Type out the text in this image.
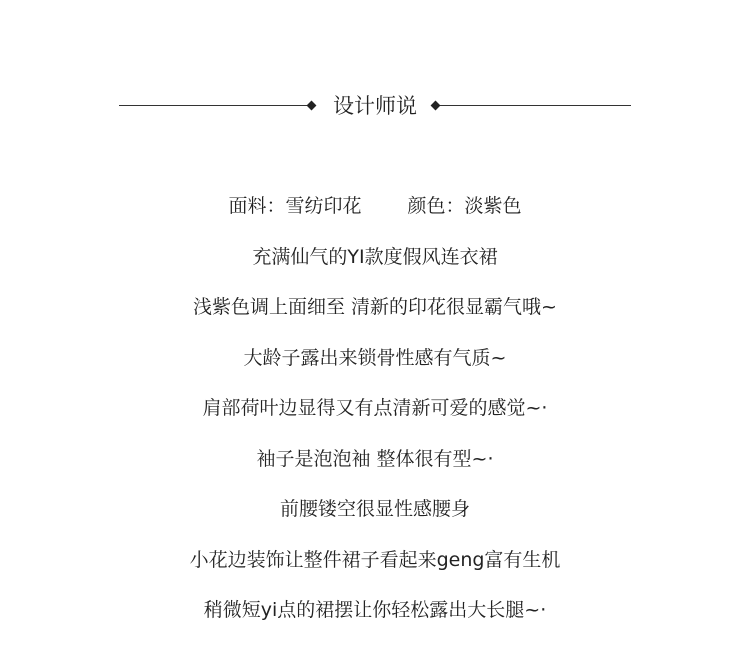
设计师说
面料：雪纺印花 颜色：淡紫色
充满仙气的YI款度假风连衣裙
浅紫色调上面细至 清新的印花很显霸气哦~
大龄子露出来锁骨性感有气质~
肩部荷叶边显得又有点清新可爱的感觉~·
袖子是泡泡袖 整体很有型~·
前腰镂空很显性感腰身
小花边装饰让整件裙子看起来geng富有生机
稍微短yi点的裙摆让你轻松露出大长腿~·
